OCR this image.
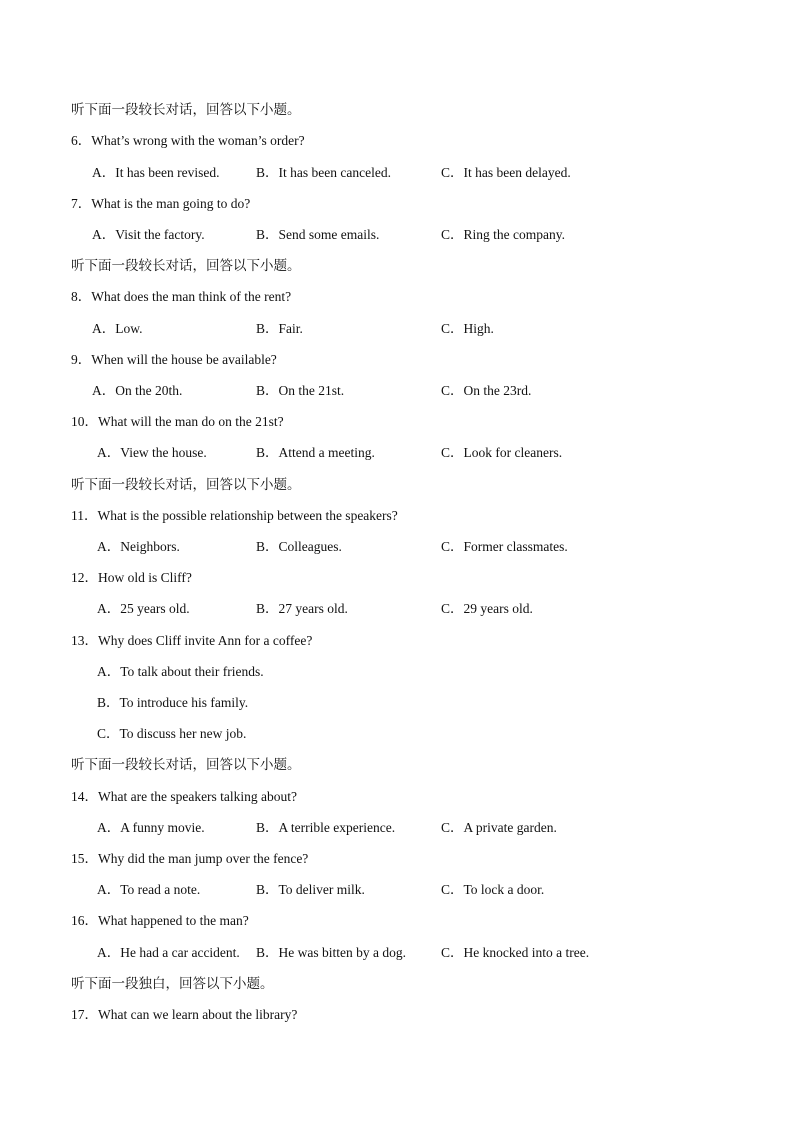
听下面一段较长对话，回答以下小题。
6．What’s wrong with the woman’s order?
A．It has been revised.	B．It has been canceled.	C．It has been delayed.
7．What is the man going to do?
A．Visit the factory.	B．Send some emails.	C．Ring the company.
听下面一段较长对话，回答以下小题。
8．What does the man think of the rent?
A．Low.	B．Fair.	C．High.
9．When will the house be available?
A．On the 20th.	B．On the 21st.	C．On the 23rd.
10．What will the man do on the 21st?
A．View the house.	B．Attend a meeting.	C．Look for cleaners.
听下面一段较长对话，回答以下小题。
11．What is the possible relationship between the speakers?
A．Neighbors.	B．Colleagues.	C．Former classmates.
12．How old is Cliff?
A．25 years old.	B．27 years old.	C．29 years old.
13．Why does Cliff invite Ann for a coffee?
A．To talk about their friends.
B．To introduce his family.
C．To discuss her new job.
听下面一段较长对话，回答以下小题。
14．What are the speakers talking about?
A．A funny movie.	B．A terrible experience.	C．A private garden.
15．Why did the man jump over the fence?
A．To read a note.	B．To deliver milk.	C．To lock a door.
16．What happened to the man?
A．He had a car accident. B．He was bitten by a dog.	C．He knocked into a tree.
听下面一段独白，回答以下小题。
17．What can we learn about the library?
